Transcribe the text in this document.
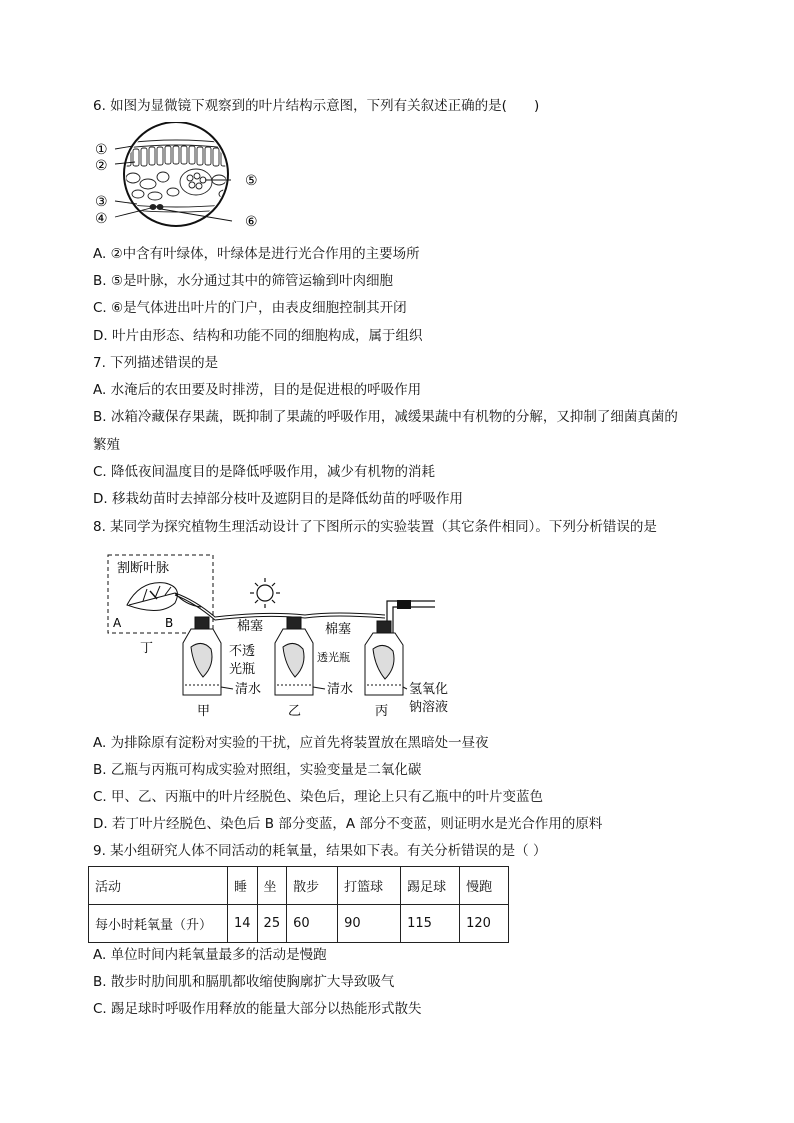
6. 如图为显微镜下观察到的叶片结构示意图，下列有关叙述正确的是(　　)
①
②
③
④
⑤
⑥
A. ②中含有叶绿体，叶绿体是进行光合作用的主要场所
B. ⑤是叶脉，水分通过其中的筛管运输到叶肉细胞
C. ⑥是气体进出叶片的门户，由表皮细胞控制其开闭
D. 叶片由形态、结构和功能不同的细胞构成，属于组织
7. 下列描述错误的是
A. 水淹后的农田要及时排涝，目的是促进根的呼吸作用
B. 冰箱冷藏保存果蔬，既抑制了果蔬的呼吸作用，减缓果蔬中有机物的分解，又抑制了细菌真菌的
繁殖
C. 降低夜间温度目的是降低呼吸作用，减少有机物的消耗
D. 移栽幼苗时去掉部分枝叶及遮阴目的是降低幼苗的呼吸作用
8. 某同学为探究植物生理活动设计了下图所示的实验装置（其它条件相同）。下列分析错误的是
割断叶脉
A	B
丁
棉塞	棉塞
不透
光瓶
透光瓶
清水	清水	氢氧化
钠溶液
甲	乙	丙
A. 为排除原有淀粉对实验的干扰，应首先将装置放在黑暗处一昼夜
B. 乙瓶与丙瓶可构成实验对照组，实验变量是二氧化碳
C. 甲、乙、丙瓶中的叶片经脱色、染色后，理论上只有乙瓶中的叶片变蓝色
D. 若丁叶片经脱色、染色后 B 部分变蓝，A 部分不变蓝，则证明水是光合作用的原料
9. 某小组研究人体不同活动的耗氧量，结果如下表。有关分析错误的是（ ）
活动	睡	坐	散步	打篮球	踢足球	慢跑
每小时耗氧量（升）	14	25	60	90	115	120
A. 单位时间内耗氧量最多的活动是慢跑
B. 散步时肋间肌和膈肌都收缩使胸廓扩大导致吸气
C. 踢足球时呼吸作用释放的能量大部分以热能形式散失
